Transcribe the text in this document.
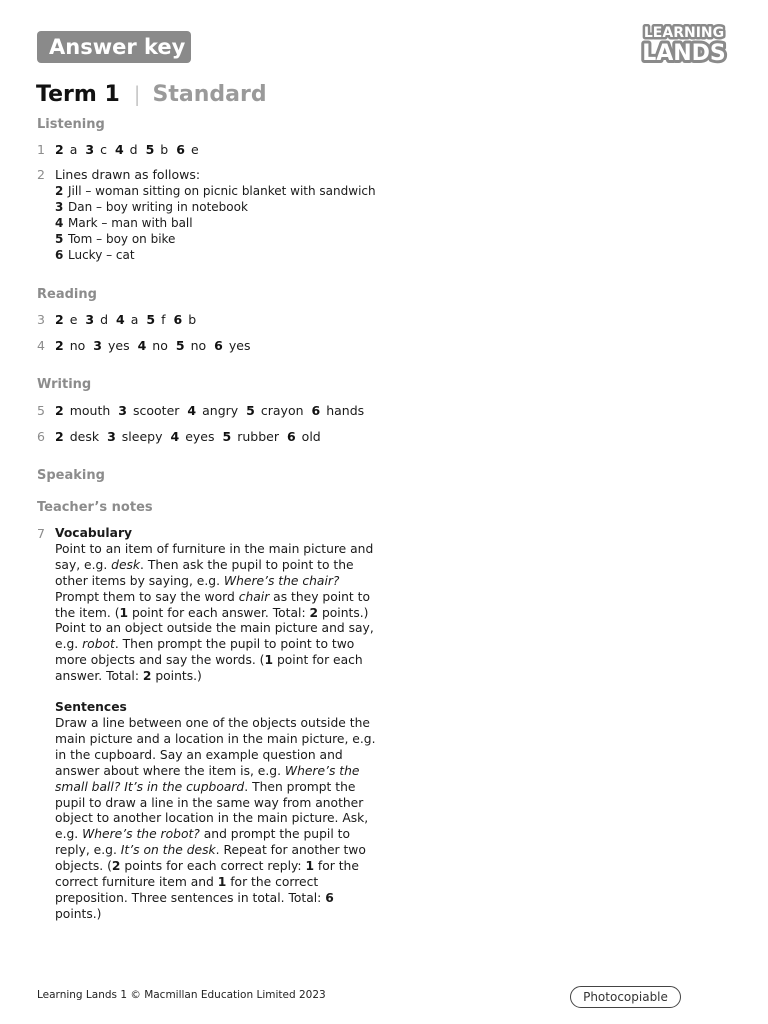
Answer key
LEARNING
LANDS
Term 1 | Standard
Listening
1 2 a 3 c 4 d 5 b 6 e
2 Lines drawn as follows:
2 Jill – woman sitting on picnic blanket with sandwich
3 Dan – boy writing in notebook
4 Mark – man with ball
5 Tom – boy on bike
6 Lucky – cat
Reading
3 2 e 3 d 4 a 5 f 6 b
4 2 no 3 yes 4 no 5 no 6 yes
Writing
5 2 mouth 3 scooter 4 angry 5 crayon 6 hands
6 2 desk 3 sleepy 4 eyes 5 rubber 6 old
Speaking
Teacher’s notes
7 Vocabulary

Point to an item of furniture in the main picture and say, e.g. desk. Then ask the pupil to point to the other items by saying, e.g. Where’s the chair? Prompt them to say the word chair as they point to the item. (1 point for each answer. Total: 2 points.)

Point to an object outside the main picture and say, e.g. robot. Then prompt the pupil to point to two more objects and say the words. (1 point for each answer. Total: 2 points.)

Sentences

Draw a line between one of the objects outside the main picture and a location in the main picture, e.g. in the cupboard. Say an example question and answer about where the item is, e.g. Where’s the small ball? It’s in the cupboard. Then prompt the pupil to draw a line in the same way from another object to another location in the main picture. Ask, e.g. Where’s the robot? and prompt the pupil to reply, e.g. It’s on the desk. Repeat for another two objects. (2 points for each correct reply: 1 for the correct furniture item and 1 for the correct preposition. Three sentences in total. Total: 6 points.)

Learning Lands 1 © Macmillan Education Limited 2023	Photocopiable
